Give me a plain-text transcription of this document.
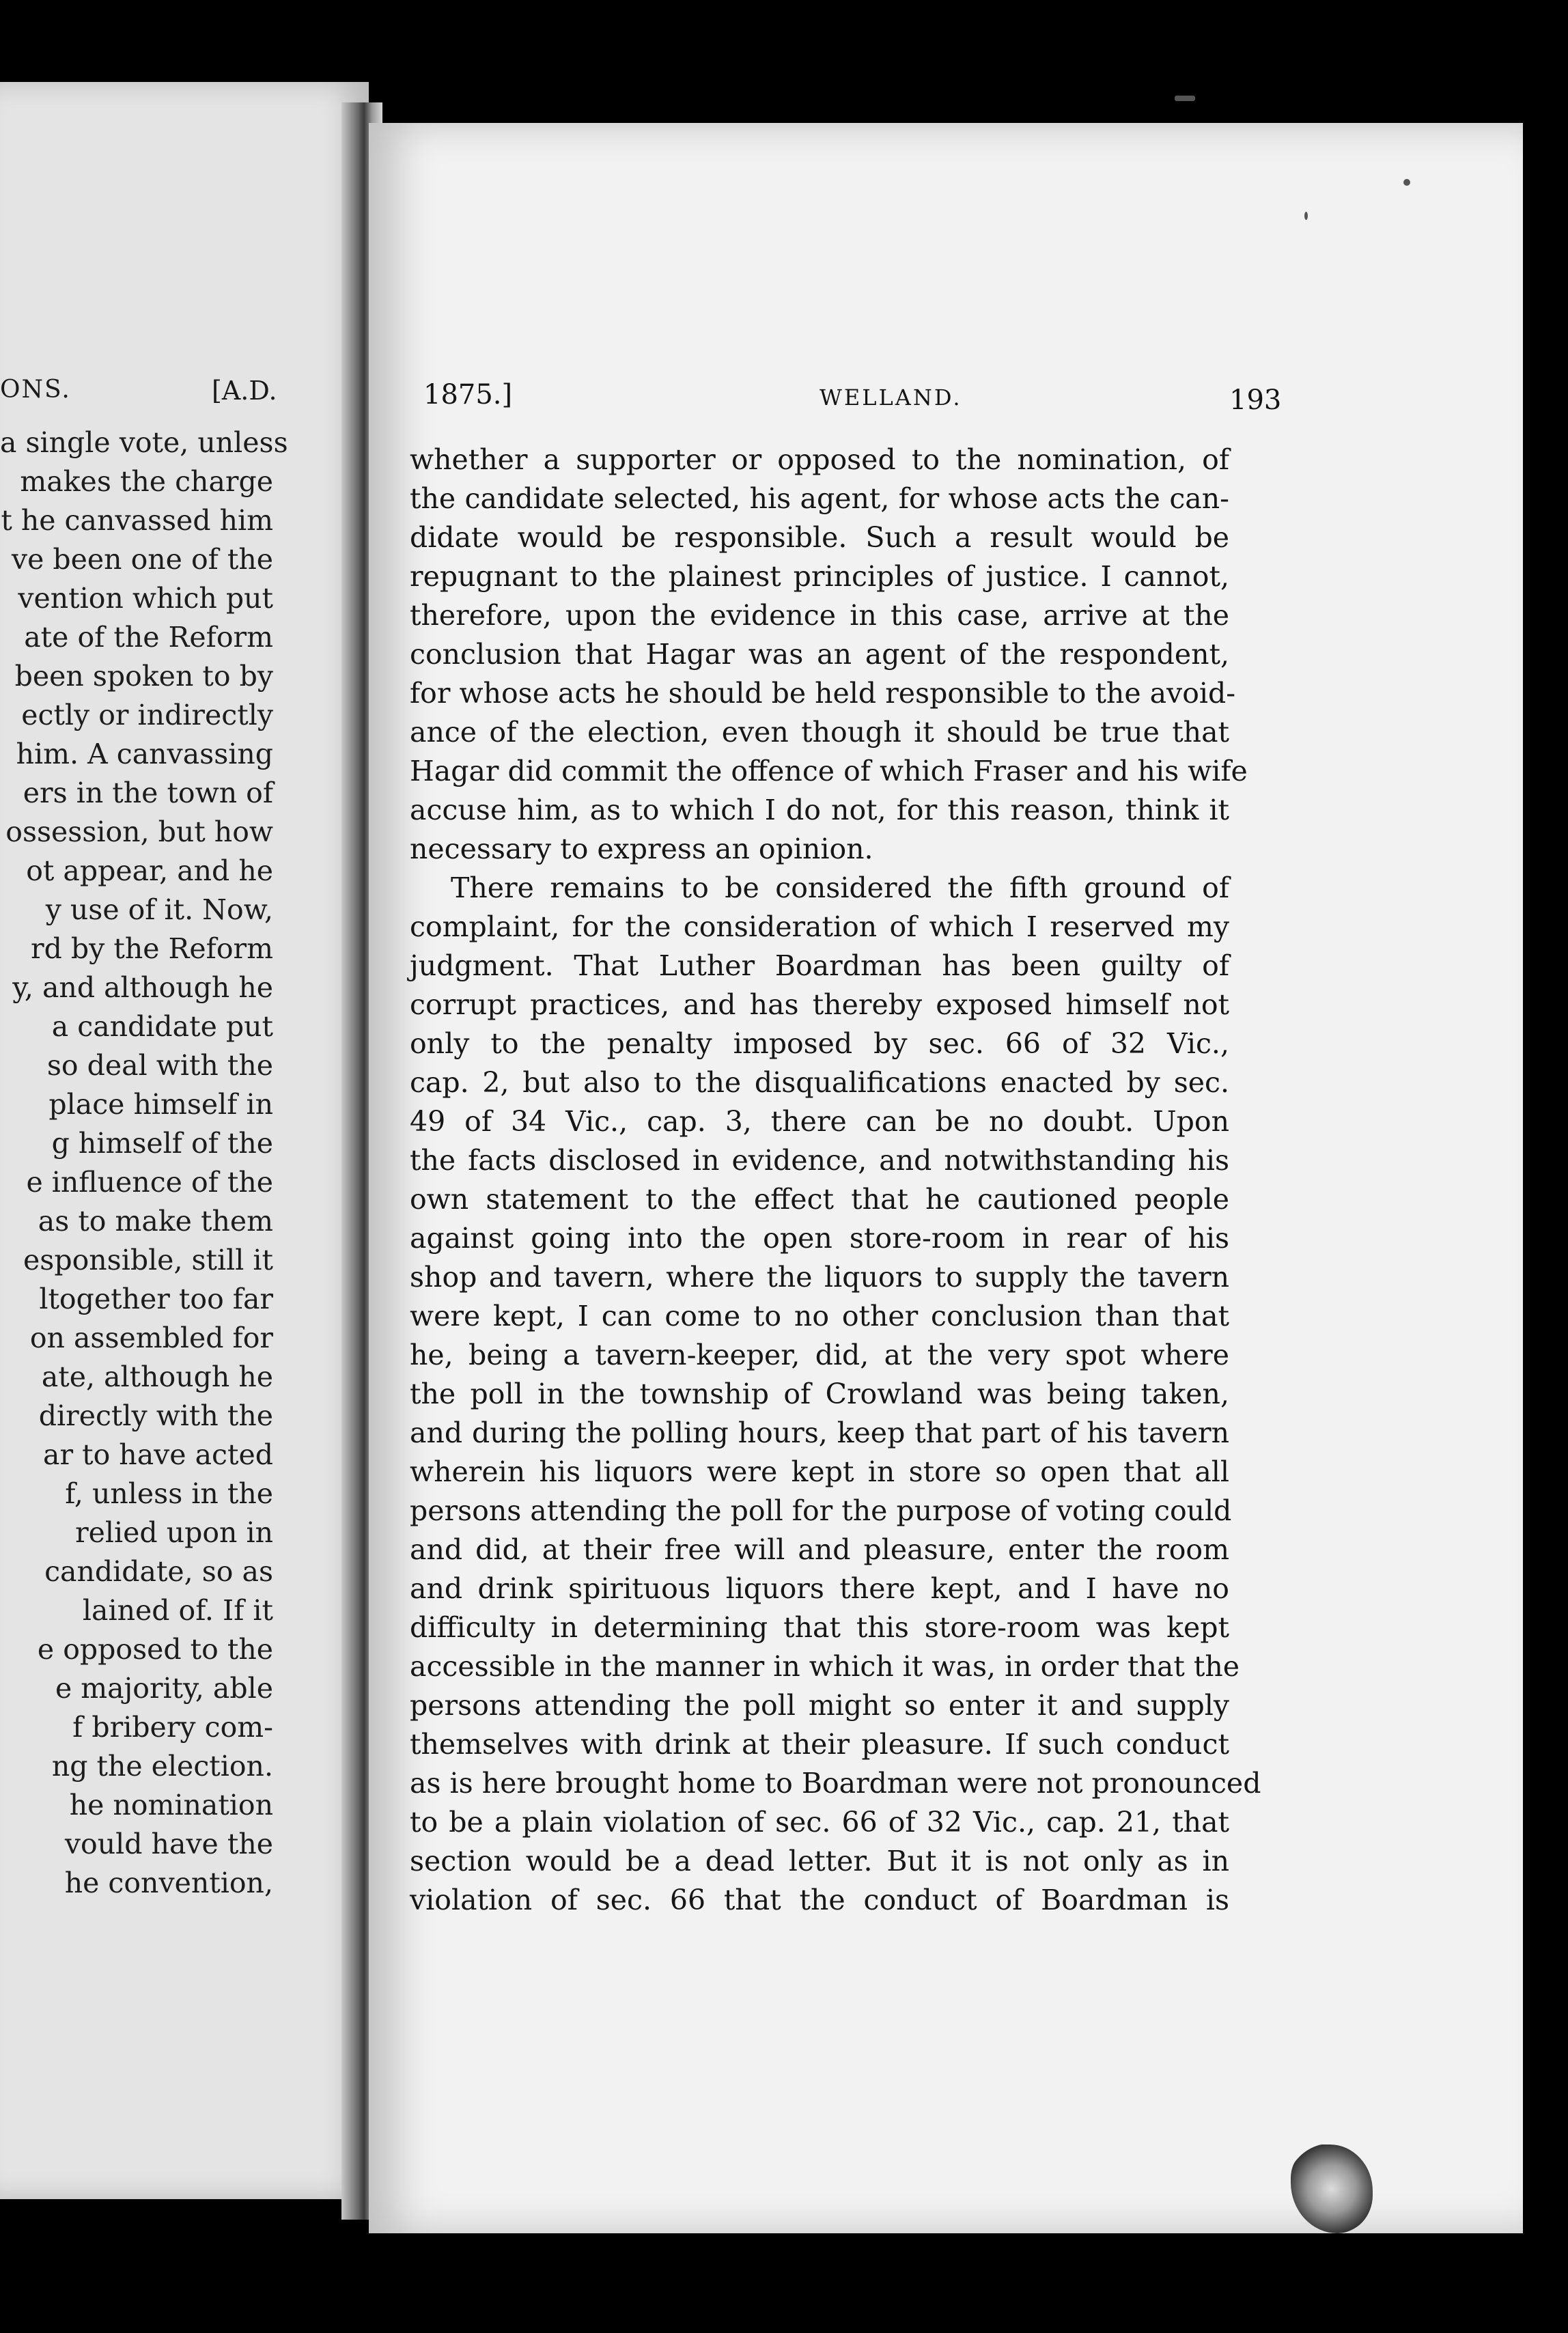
ONS.	[A.D.
a single vote, unless
makes the charge
t he canvassed him
ve been one of the
vention which put
ate of the Reform
been spoken to by
ectly or indirectly
him. A canvassing
ers in the town of
ossession, but how
ot appear, and he
y use of it. Now,
rd by the Reform
y, and although he
a candidate put
so deal with the
place himself in
g himself of the
e influence of the
as to make them
esponsible, still it
ltogether too far
on assembled for
ate, although he
directly with the
ar to have acted
f, unless in the
relied upon in
candidate, so as
lained of. If it
e opposed to the
e majority, able
f bribery com-
ng the election.
he nomination
vould have the
he convention,
1875.]	WELLAND.	193
whether a supporter or opposed to the nomination, of
the candidate selected, his agent, for whose acts the can-
didate would be responsible. Such a result would be
repugnant to the plainest principles of justice. I cannot,
therefore, upon the evidence in this case, arrive at the
conclusion that Hagar was an agent of the respondent,
for whose acts he should be held responsible to the avoid-
ance of the election, even though it should be true that
Hagar did commit the offence of which Fraser and his wife
accuse him, as to which I do not, for this reason, think it
necessary to express an opinion.
There remains to be considered the fifth ground of
complaint, for the consideration of which I reserved my
judgment. That Luther Boardman has been guilty of
corrupt practices, and has thereby exposed himself not
only to the penalty imposed by sec. 66 of 32 Vic.,
cap. 2, but also to the disqualifications enacted by sec.
49 of 34 Vic., cap. 3, there can be no doubt. Upon
the facts disclosed in evidence, and notwithstanding his
own statement to the effect that he cautioned people
against going into the open store-room in rear of his
shop and tavern, where the liquors to supply the tavern
were kept, I can come to no other conclusion than that
he, being a tavern-keeper, did, at the very spot where
the poll in the township of Crowland was being taken,
and during the polling hours, keep that part of his tavern
wherein his liquors were kept in store so open that all
persons attending the poll for the purpose of voting could
and did, at their free will and pleasure, enter the room
and drink spirituous liquors there kept, and I have no
difficulty in determining that this store-room was kept
accessible in the manner in which it was, in order that the
persons attending the poll might so enter it and supply
themselves with drink at their pleasure. If such conduct
as is here brought home to Boardman were not pronounced
to be a plain violation of sec. 66 of 32 Vic., cap. 21, that
section would be a dead letter. But it is not only as in
violation of sec. 66 that the conduct of Boardman is
